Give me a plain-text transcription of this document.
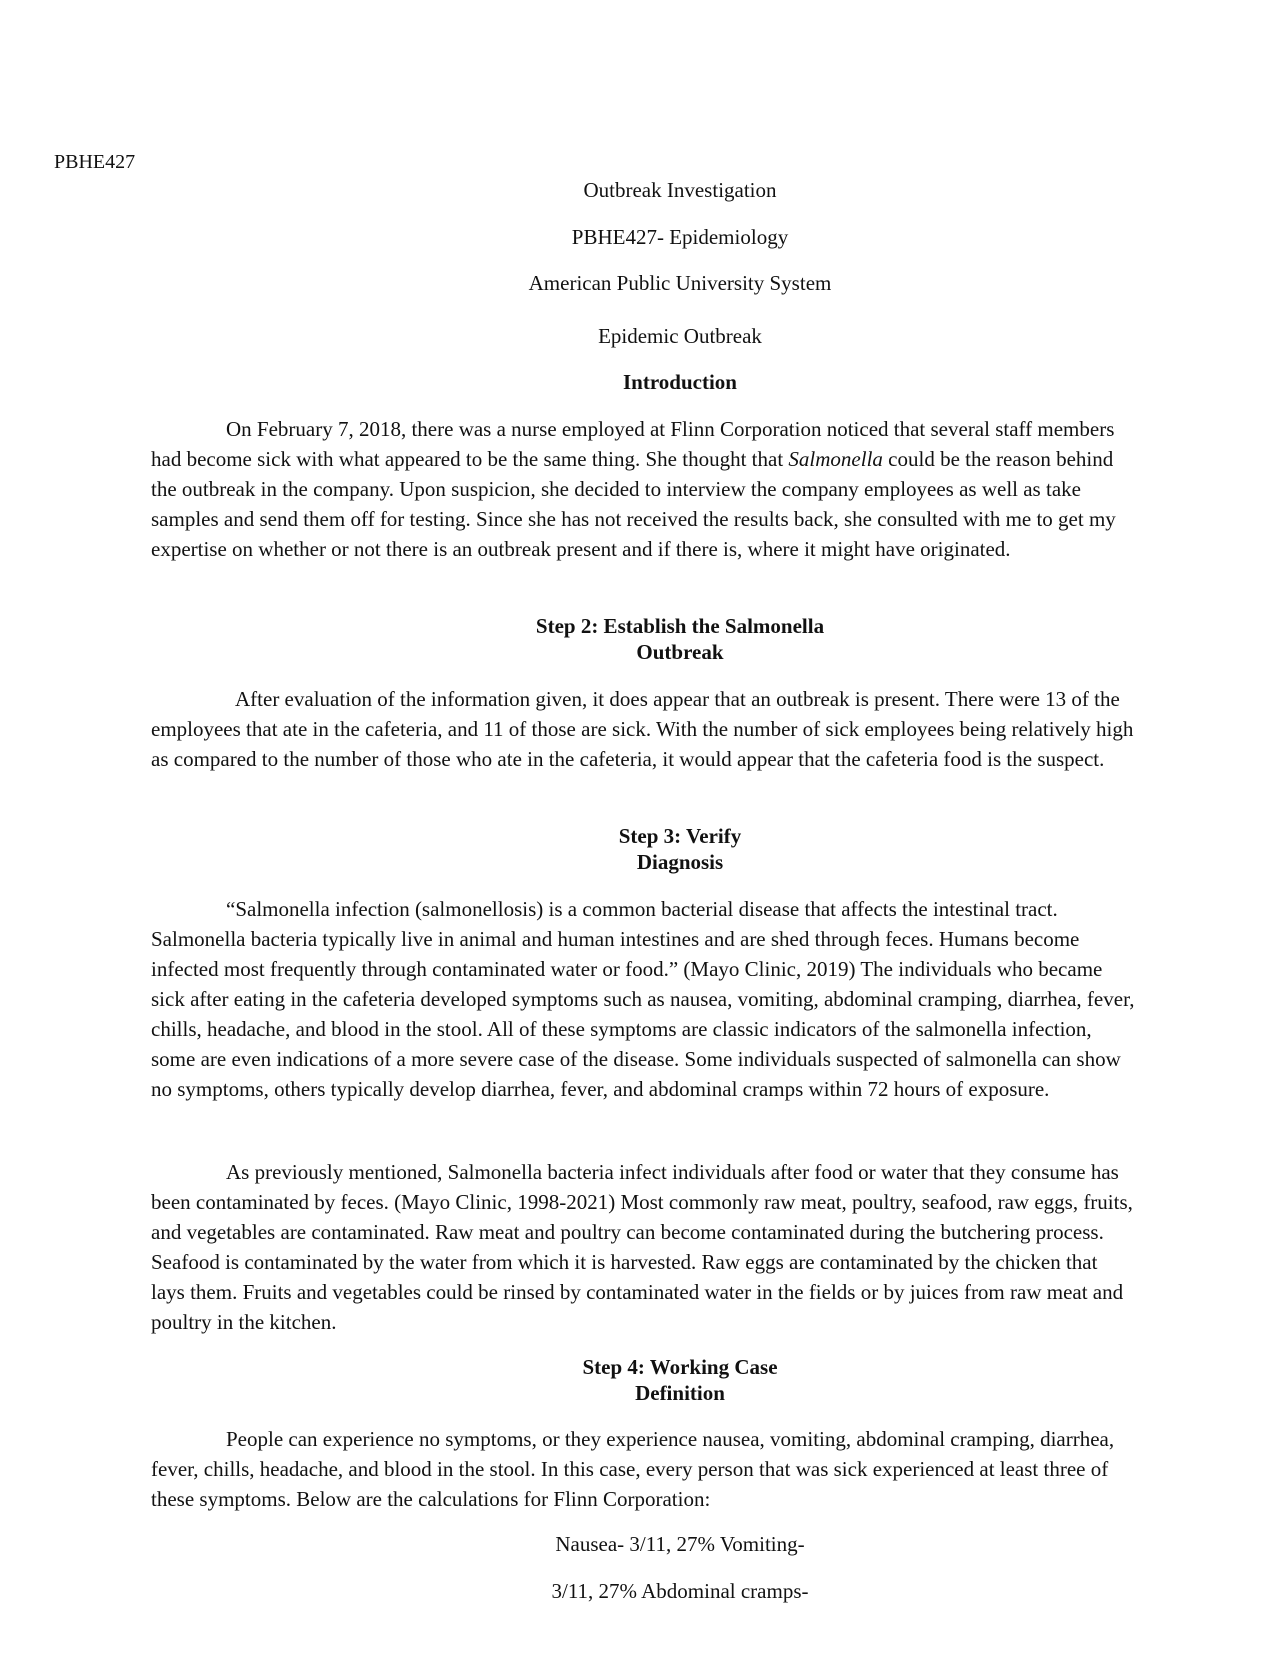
PBHE427
Outbreak Investigation
PBHE427- Epidemiology
American Public University System
Epidemic Outbreak
Introduction

On February 7, 2018, there was a nurse employed at Flinn Corporation noticed that several staff members had become sick with what appeared to be the same thing. She thought that Salmonella could be the reason behind the outbreak in the company. Upon suspicion, she decided to interview the company employees as well as take samples and send them off for testing. Since she has not received the results back, she consulted with me to get my expertise on whether or not there is an outbreak present and if there is, where it might have originated.

Step 2: Establish the Salmonella
Outbreak

After evaluation of the information given, it does appear that an outbreak is present. There were 13 of the employees that ate in the cafeteria, and 11 of those are sick. With the number of sick employees being relatively high as compared to the number of those who ate in the cafeteria, it would appear that the cafeteria food is the suspect.

Step 3: Verify
Diagnosis

“Salmonella infection (salmonellosis) is a common bacterial disease that affects the intestinal tract. Salmonella bacteria typically live in animal and human intestines and are shed through feces. Humans become infected most frequently through contaminated water or food.” (Mayo Clinic, 2019) The individuals who became sick after eating in the cafeteria developed symptoms such as nausea, vomiting, abdominal cramping, diarrhea, fever, chills, headache, and blood in the stool. All of these symptoms are classic indicators of the salmonella infection, some are even indications of a more severe case of the disease. Some individuals suspected of salmonella can show no symptoms, others typically develop diarrhea, fever, and abdominal cramps within 72 hours of exposure.

As previously mentioned, Salmonella bacteria infect individuals after food or water that they consume has been contaminated by feces. (Mayo Clinic, 1998-2021) Most commonly raw meat, poultry, seafood, raw eggs, fruits, and vegetables are contaminated. Raw meat and poultry can become contaminated during the butchering process. Seafood is contaminated by the water from which it is harvested. Raw eggs are contaminated by the chicken that lays them. Fruits and vegetables could be rinsed by contaminated water in the fields or by juices from raw meat and poultry in the kitchen.

Step 4: Working Case
Definition

People can experience no symptoms, or they experience nausea, vomiting, abdominal cramping, diarrhea, fever, chills, headache, and blood in the stool. In this case, every person that was sick experienced at least three of these symptoms. Below are the calculations for Flinn Corporation:

Nausea- 3/11, 27% Vomiting-
3/11, 27% Abdominal cramps-
